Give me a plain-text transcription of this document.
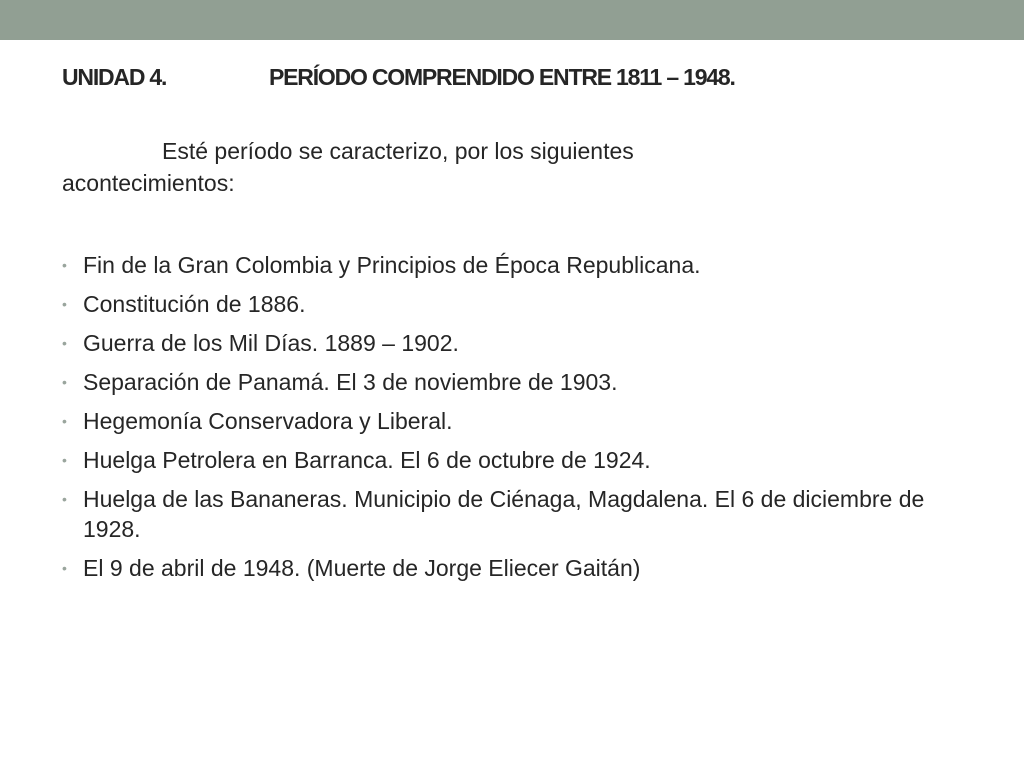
UNIDAD 4.	PERÍODO COMPRENDIDO ENTRE 1811 – 1948.

Esté período se caracterizo, por los siguientes acontecimientos:

• Fin de la Gran Colombia y Principios de Época Republicana.
• Constitución de 1886.
• Guerra de los Mil Días. 1889 – 1902.
• Separación de Panamá. El 3 de noviembre de 1903.
• Hegemonía Conservadora y Liberal.
• Huelga Petrolera en Barranca. El 6 de octubre de 1924.
• Huelga de las Bananeras. Municipio de Ciénaga, Magdalena. El 6 de diciembre de 1928.
• El 9 de abril de 1948. (Muerte de Jorge Eliecer Gaitán)
